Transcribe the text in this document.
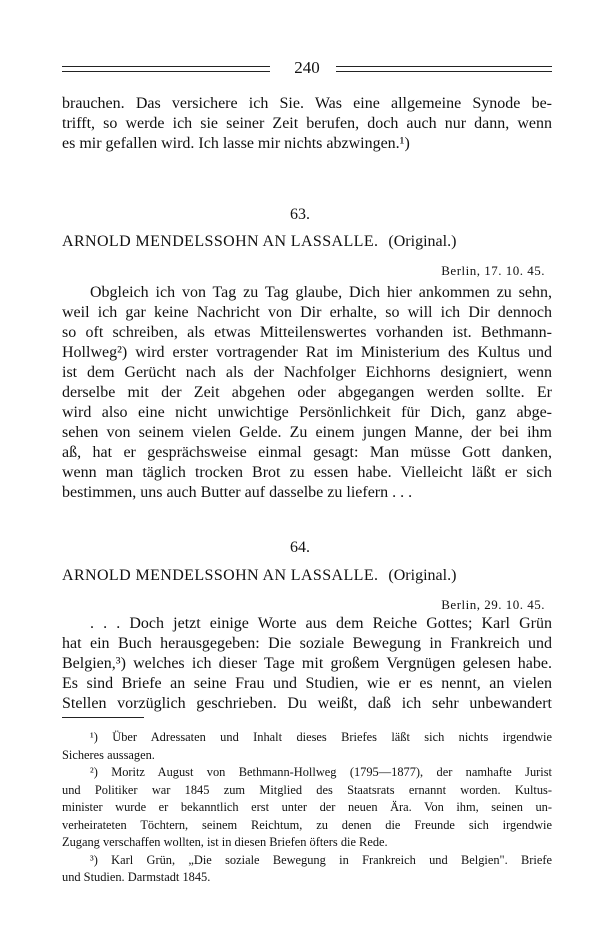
240

brauchen. Das versichere ich Sie. Was eine allgemeine Synode be-

trifft, so werde ich sie seiner Zeit berufen, doch auch nur dann, wenn

es mir gefallen wird. Ich lasse mir nichts abzwingen.¹)

63.
ARNOLD MENDELSSOHN AN LASSALLE. (Original.)
Berlin, 17. 10. 45.

Obgleich ich von Tag zu Tag glaube, Dich hier ankommen zu sehn,

weil ich gar keine Nachricht von Dir erhalte, so will ich Dir dennoch

so oft schreiben, als etwas Mitteilenswertes vorhanden ist. Bethmann-

Hollweg²) wird erster vortragender Rat im Ministerium des Kultus und

ist dem Gerücht nach als der Nachfolger Eichhorns designiert, wenn

derselbe mit der Zeit abgehen oder abgegangen werden sollte. Er

wird also eine nicht unwichtige Persönlichkeit für Dich, ganz abge-

sehen von seinem vielen Gelde. Zu einem jungen Manne, der bei ihm

aß, hat er gesprächsweise einmal gesagt: Man müsse Gott danken,

wenn man täglich trocken Brot zu essen habe. Vielleicht läßt er sich

bestimmen, uns auch Butter auf dasselbe zu liefern . . .

64.
ARNOLD MENDELSSOHN AN LASSALLE. (Original.)
Berlin, 29. 10. 45.

. . . Doch jetzt einige Worte aus dem Reiche Gottes; Karl Grün

hat ein Buch herausgegeben: Die soziale Bewegung in Frankreich und

Belgien,³) welches ich dieser Tage mit großem Vergnügen gelesen habe.

Es sind Briefe an seine Frau und Studien, wie er es nennt, an vielen

Stellen vorzüglich geschrieben. Du weißt, daß ich sehr unbewandert

¹) Über Adressaten und Inhalt dieses Briefes läßt sich nichts irgendwie

Sicheres aussagen.

²) Moritz August von Bethmann-Hollweg (1795—1877), der namhafte Jurist

und Politiker war 1845 zum Mitglied des Staatsrats ernannt worden. Kultus-

minister wurde er bekanntlich erst unter der neuen Ära. Von ihm, seinen un-

verheirateten Töchtern, seinem Reichtum, zu denen die Freunde sich irgendwie

Zugang verschaffen wollten, ist in diesen Briefen öfters die Rede.

³) Karl Grün, „Die soziale Bewegung in Frankreich und Belgien". Briefe

und Studien. Darmstadt 1845.
